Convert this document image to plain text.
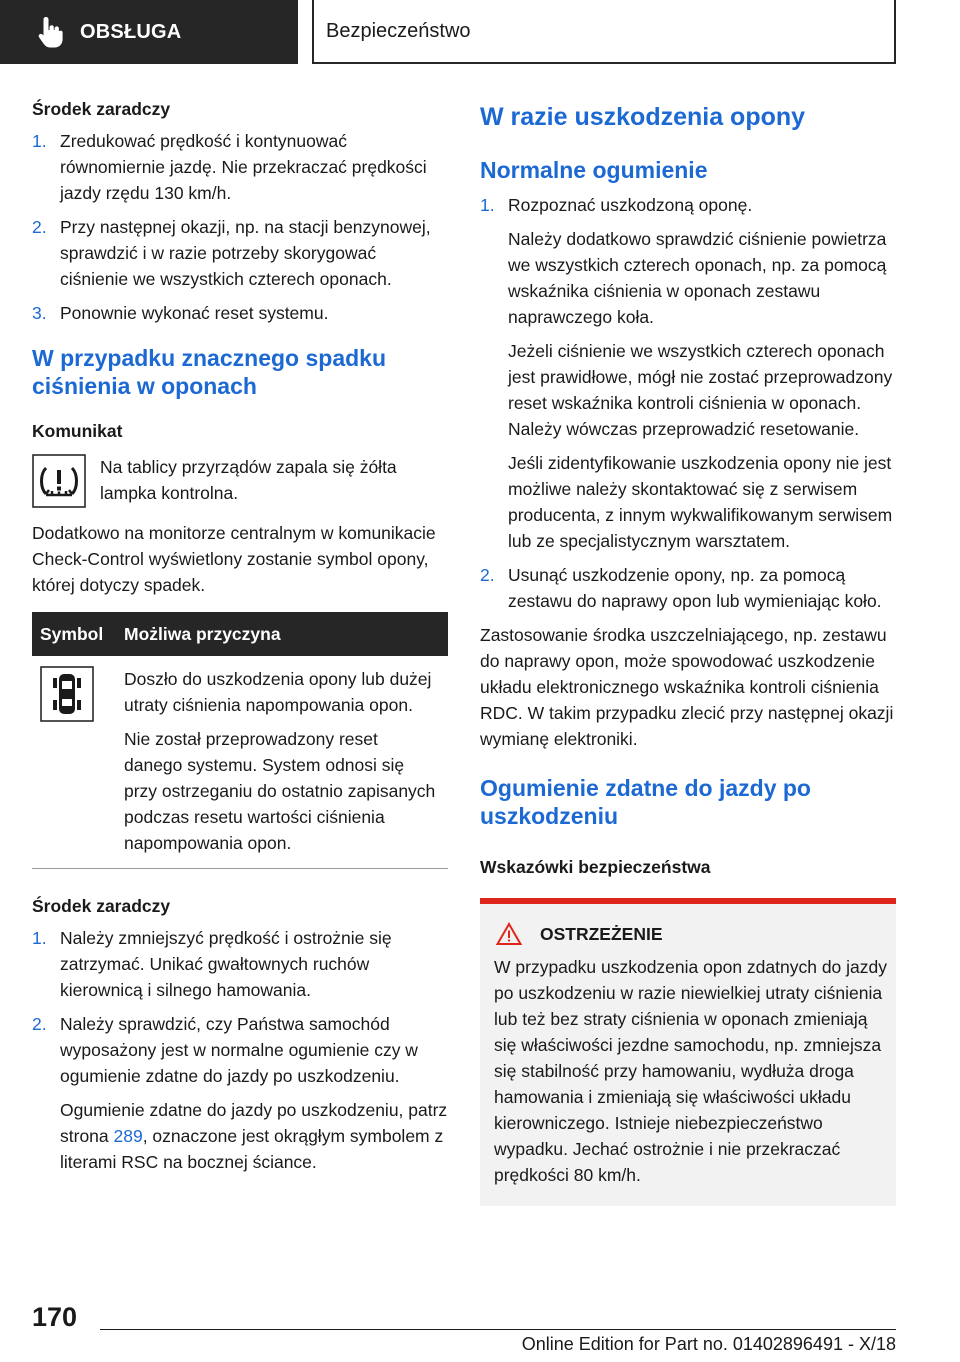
OBSŁUGA	Bezpieczeństwo
Środek zaradczy
1. Zredukować prędkość i kontynuować równomiernie jazdę. Nie przekraczać prędkości jazdy rzędu 130 km/h.
2. Przy następnej okazji, np. na stacji benzynowej, sprawdzić i w razie potrzeby skorygować ciśnienie we wszystkich czterech oponach.
3. Ponownie wykonać reset systemu.
W przypadku znacznego spadku ciśnienia w oponach
Komunikat
Na tablicy przyrządów zapala się żółta lampka kontrolna.
Dodatkowo na monitorze centralnym w komunikacie Check-Control wyświetlony zostanie symbol opony, której dotyczy spadek.
Symbol	Możliwa przyczyna

Doszło do uszkodzenia opony lub dużej utraty ciśnienia napompowania opon.
Nie został przeprowadzony reset danego systemu. System odnosi się przy ostrzeganiu do ostatnio zapisanych podczas resetu wartości ciśnienia napompowania opon.
Środek zaradczy
1. Należy zmniejszyć prędkość i ostrożnie się zatrzymać. Unikać gwałtownych ruchów kierownicą i silnego hamowania.
2. Należy sprawdzić, czy Państwa samochód wyposażony jest w normalne ogumienie czy w ogumienie zdatne do jazdy po uszkodzeniu.
Ogumienie zdatne do jazdy po uszkodzeniu, patrz strona 289, oznaczone jest okrągłym symbolem z literami RSC na bocznej ściance.
W razie uszkodzenia opony
Normalne ogumienie
1. Rozpoznać uszkodzoną oponę.
Należy dodatkowo sprawdzić ciśnienie powietrza we wszystkich czterech oponach, np. za pomocą wskaźnika ciśnienia w oponach zestawu naprawczego koła.
Jeżeli ciśnienie we wszystkich czterech oponach jest prawidłowe, mógł nie zostać przeprowadzony reset wskaźnika kontroli ciśnienia w oponach. Należy wówczas przeprowadzić resetowanie.
Jeśli zidentyfikowanie uszkodzenia opony nie jest możliwe należy skontaktować się z serwisem producenta, z innym wykwalifikowanym serwisem lub ze specjalistycznym warsztatem.
2. Usunąć uszkodzenie opony, np. za pomocą zestawu do naprawy opon lub wymieniając koło.
Zastosowanie środka uszczelniającego, np. zestawu do naprawy opon, może spowodować uszkodzenie układu elektronicznego wskaźnika kontroli ciśnienia RDC. W takim przypadku zlecić przy następnej okazji wymianę elektroniki.
Ogumienie zdatne do jazdy po uszkodzeniu
Wskazówki bezpieczeństwa
OSTRZEŻENIE
W przypadku uszkodzenia opon zdatnych do jazdy po uszkodzeniu w razie niewielkiej utraty ciśnienia lub też bez straty ciśnienia w oponach zmieniają się właściwości jezdne samochodu, np. zmniejsza się stabilność przy hamowaniu, wydłuża droga hamowania i zmieniają się właściwości układu kierowniczego. Istnieje niebezpieczeństwo wypadku. Jechać ostrożnie i nie przekraczać prędkości 80 km/h.
170
Online Edition for Part no. 01402896491 - X/18
